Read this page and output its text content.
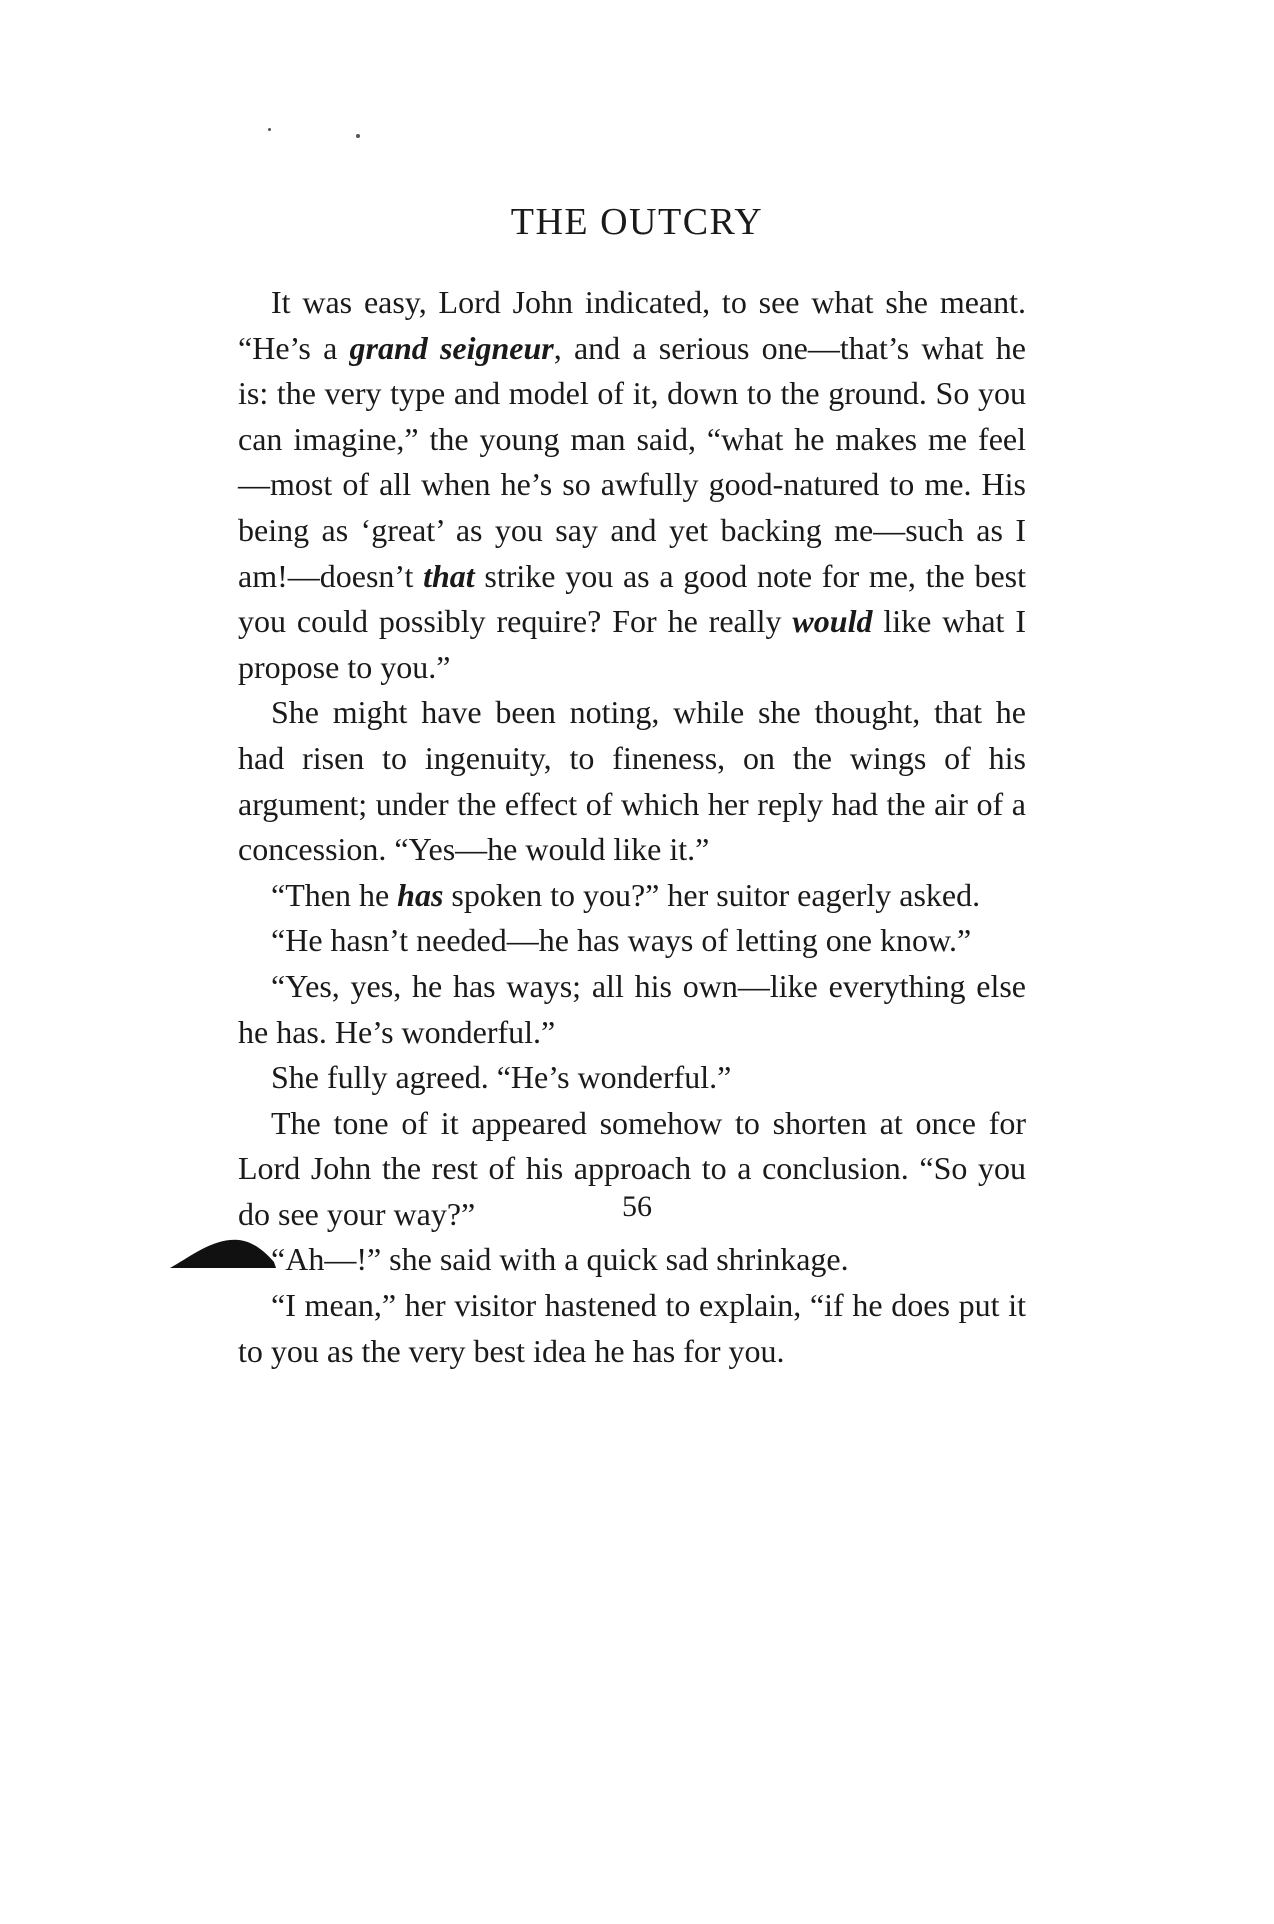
THE OUTCRY

It was easy, Lord John indicated, to see what she meant. “He’s a grand seigneur, and a serious one—that’s what he is: the very type and model of it, down to the ground. So you can imagine,” the young man said, “what he makes me feel—most of all when he’s so awfully good-natured to me. His being as ‘great’ as you say and yet backing me—such as I am!—doesn’t that strike you as a good note for me, the best you could possibly require? For he really would like what I propose to you.”

She might have been noting, while she thought, that he had risen to ingenuity, to fineness, on the wings of his argument; under the effect of which her reply had the air of a concession. “Yes—he would like it.”

“Then he has spoken to you?” her suitor eagerly asked.

“He hasn’t needed—he has ways of letting one know.”

“Yes, yes, he has ways; all his own—like everything else he has. He’s wonderful.”

She fully agreed. “He’s wonderful.”

The tone of it appeared somehow to shorten at once for Lord John the rest of his approach to a conclusion. “So you do see your way?”

“Ah—!” she said with a quick sad shrinkage.

“I mean,” her visitor hastened to explain, “if he does put it to you as the very best idea he has for you.

56
